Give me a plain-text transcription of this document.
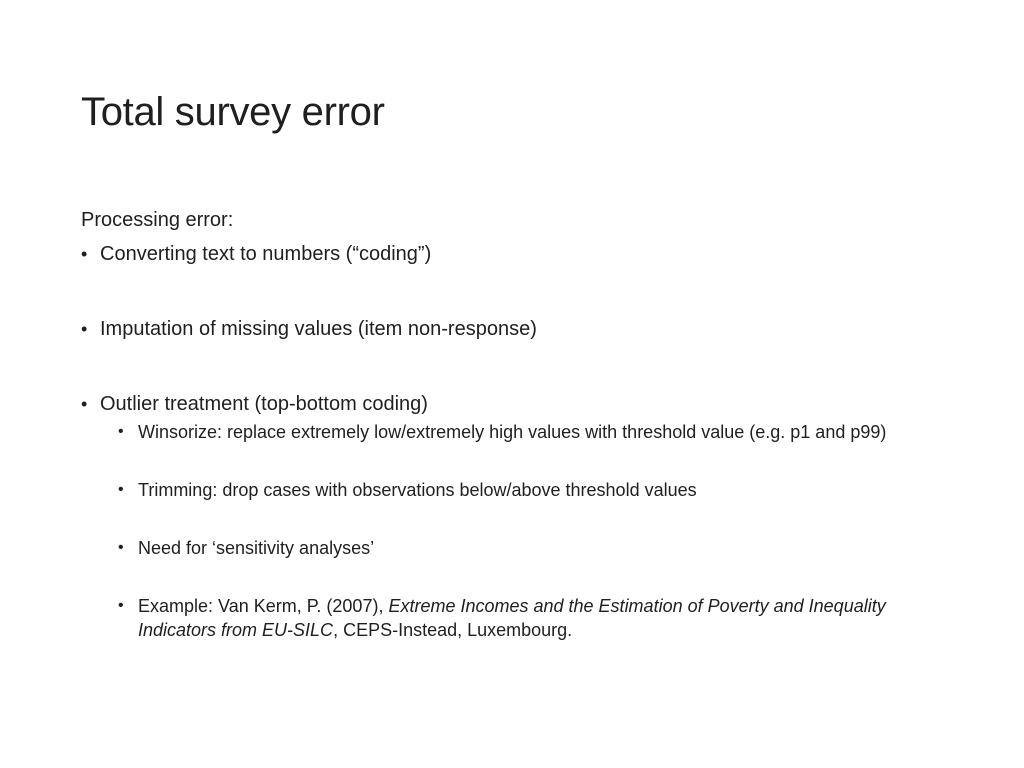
Total survey error
Processing error:
• Converting text to numbers (“coding”)
• Imputation of missing values (item non-response)
• Outlier treatment (top-bottom coding)
• Winsorize: replace extremely low/extremely high values with threshold value (e.g. p1 and p99)
• Trimming: drop cases with observations below/above threshold values
• Need for ‘sensitivity analyses’
• Example: Van Kerm, P. (2007), Extreme Incomes and the Estimation of Poverty and Inequality Indicators from EU-SILC, CEPS-Instead, Luxembourg.
